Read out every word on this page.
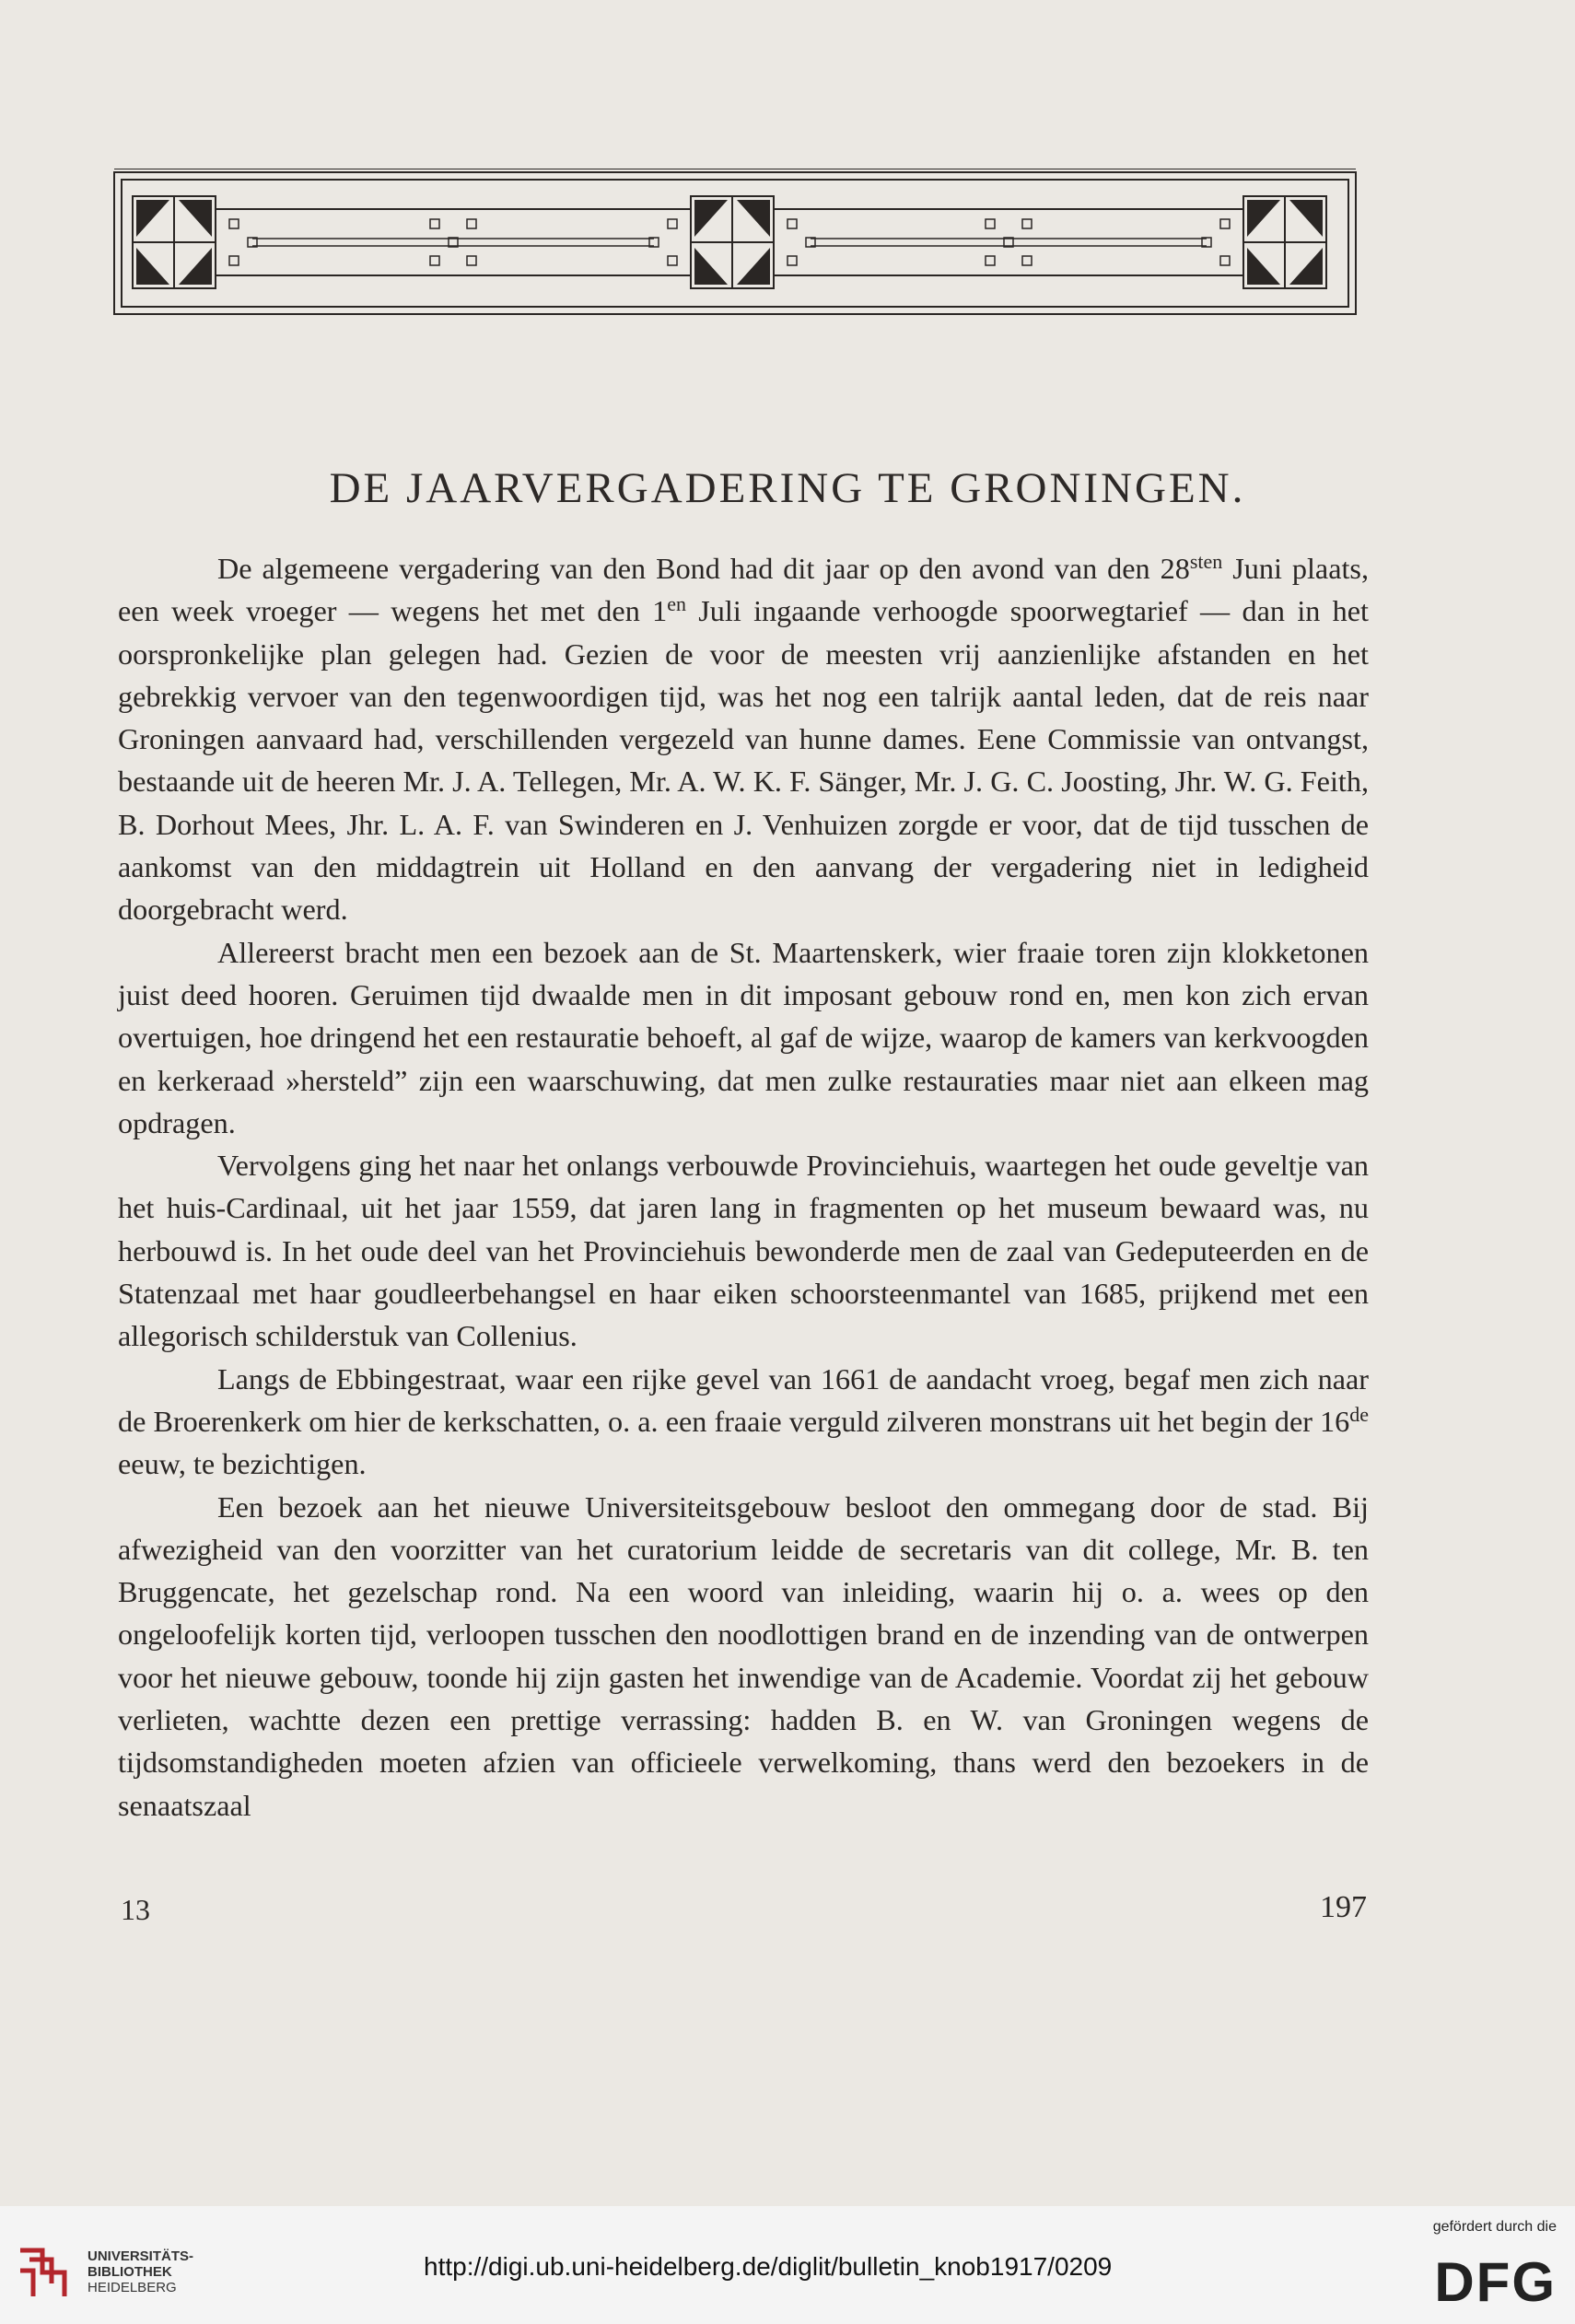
DE JAARVERGADERING TE GRONINGEN.

De algemeene vergadering van den Bond had dit jaar op den avond van den $28^{sten}$ Juni plaats, een week vroeger — wegens het met den $1^{en}$ Juli ingaande verhoogde spoorwegtarief — dan in het oorspronkelijke plan gelegen had. Gezien de voor de meesten vrij aanzienlijke afstanden en het gebrekkig vervoer van den tegenwoordigen tijd, was het nog een talrijk aantal leden, dat de reis naar Groningen aanvaard had, verschillenden vergezeld van hunne dames. Eene Commissie van ontvangst, bestaande uit de heeren Mr. J. A. Tellegen, Mr. A. W. K. F. Sänger, Mr. J. G. C. Joosting, Jhr. W. G. Feith, B. Dorhout Mees, Jhr. L. A. F. van Swinderen en J. Venhuizen zorgde er voor, dat de tijd tusschen de aankomst van den middagtrein uit Holland en den aanvang der vergadering niet in ledigheid doorgebracht werd.

Allereerst bracht men een bezoek aan de St. Maartenskerk, wier fraaie toren zijn klokketonen juist deed hooren. Geruimen tijd dwaalde men in dit imposant gebouw rond en, men kon zich ervan overtuigen, hoe dringend het een restauratie behoeft, al gaf de wijze, waarop de kamers van kerkvoogden en kerkeraad »hersteld” zijn een waarschuwing, dat men zulke restauraties maar niet aan elkeen mag opdragen.

Vervolgens ging het naar het onlangs verbouwde Provinciehuis, waartegen het oude geveltje van het huis-Cardinaal, uit het jaar 1559, dat jaren lang in fragmenten op het museum bewaard was, nu herbouwd is. In het oude deel van het Provinciehuis bewonderde men de zaal van Gedeputeerden en de Statenzaal met haar goudleerbehangsel en haar eiken schoorsteenmantel van 1685, prijkend met een allegorisch schilderstuk van Collenius.

Langs de Ebbingestraat, waar een rijke gevel van 1661 de aandacht vroeg, begaf men zich naar de Broerenkerk om hier de kerkschatten, o. a. een fraaie verguld zilveren monstrans uit het begin der 16de eeuw, te bezichtigen.

Een bezoek aan het nieuwe Universiteitsgebouw besloot den ommegang door de stad. Bij afwezigheid van den voorzitter van het curatorium leidde de secretaris van dit college, Mr. B. ten Bruggencate, het gezelschap rond. Na een woord van inleiding, waarin hij o. a. wees op den ongeloofelijk korten tijd, verloopen tusschen den noodlottigen brand en de inzending van de ontwerpen voor het nieuwe gebouw, toonde hij zijn gasten het inwendige van de Academie. Voordat zij het gebouw verlieten, wachtte dezen een prettige verrassing: hadden B. en W. van Groningen wegens de tijdsomstandigheden moeten afzien van officieele verwelkoming, thans werd den bezoekers in de senaatszaal

13	197
UNIVERSITÄTS-
BIBLIOTHEK
HEIDELBERG
http://digi.ub.uni-heidelberg.de/diglit/bulletin_knob1917/0209
gefördert durch die
DFG
